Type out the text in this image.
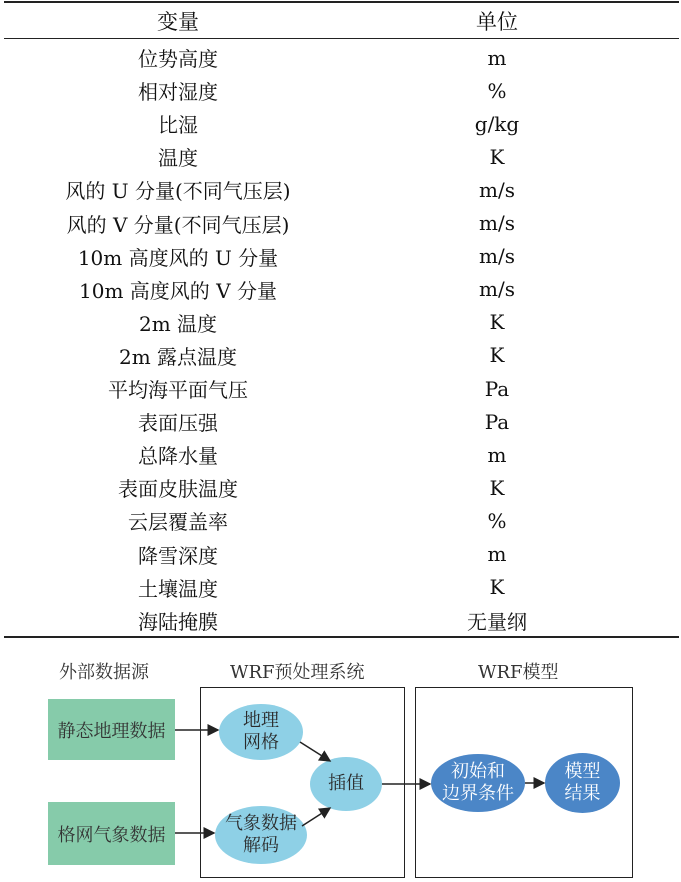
变量	单位
位势高度	m
相对湿度	%
比湿	g/kg
温度	K
风的 U 分量(不同气压层)	m/s
风的 V 分量(不同气压层)	m/s
10m 高度风的 U 分量	m/s
10m 高度风的 V 分量	m/s
2m 温度	K
2m 露点温度	K
平均海平面气压	Pa
表面压强	Pa
总降水量	m
表面皮肤温度	K
云层覆盖率	%
降雪深度	m
土壤温度	K
海陆掩膜	无量纲
外部数据源	WRF预处理系统	WRF模型
静态地理数据
格网气象数据
地理
网格
气象数据
解码
插值
初始和
边界条件
模型
结果
